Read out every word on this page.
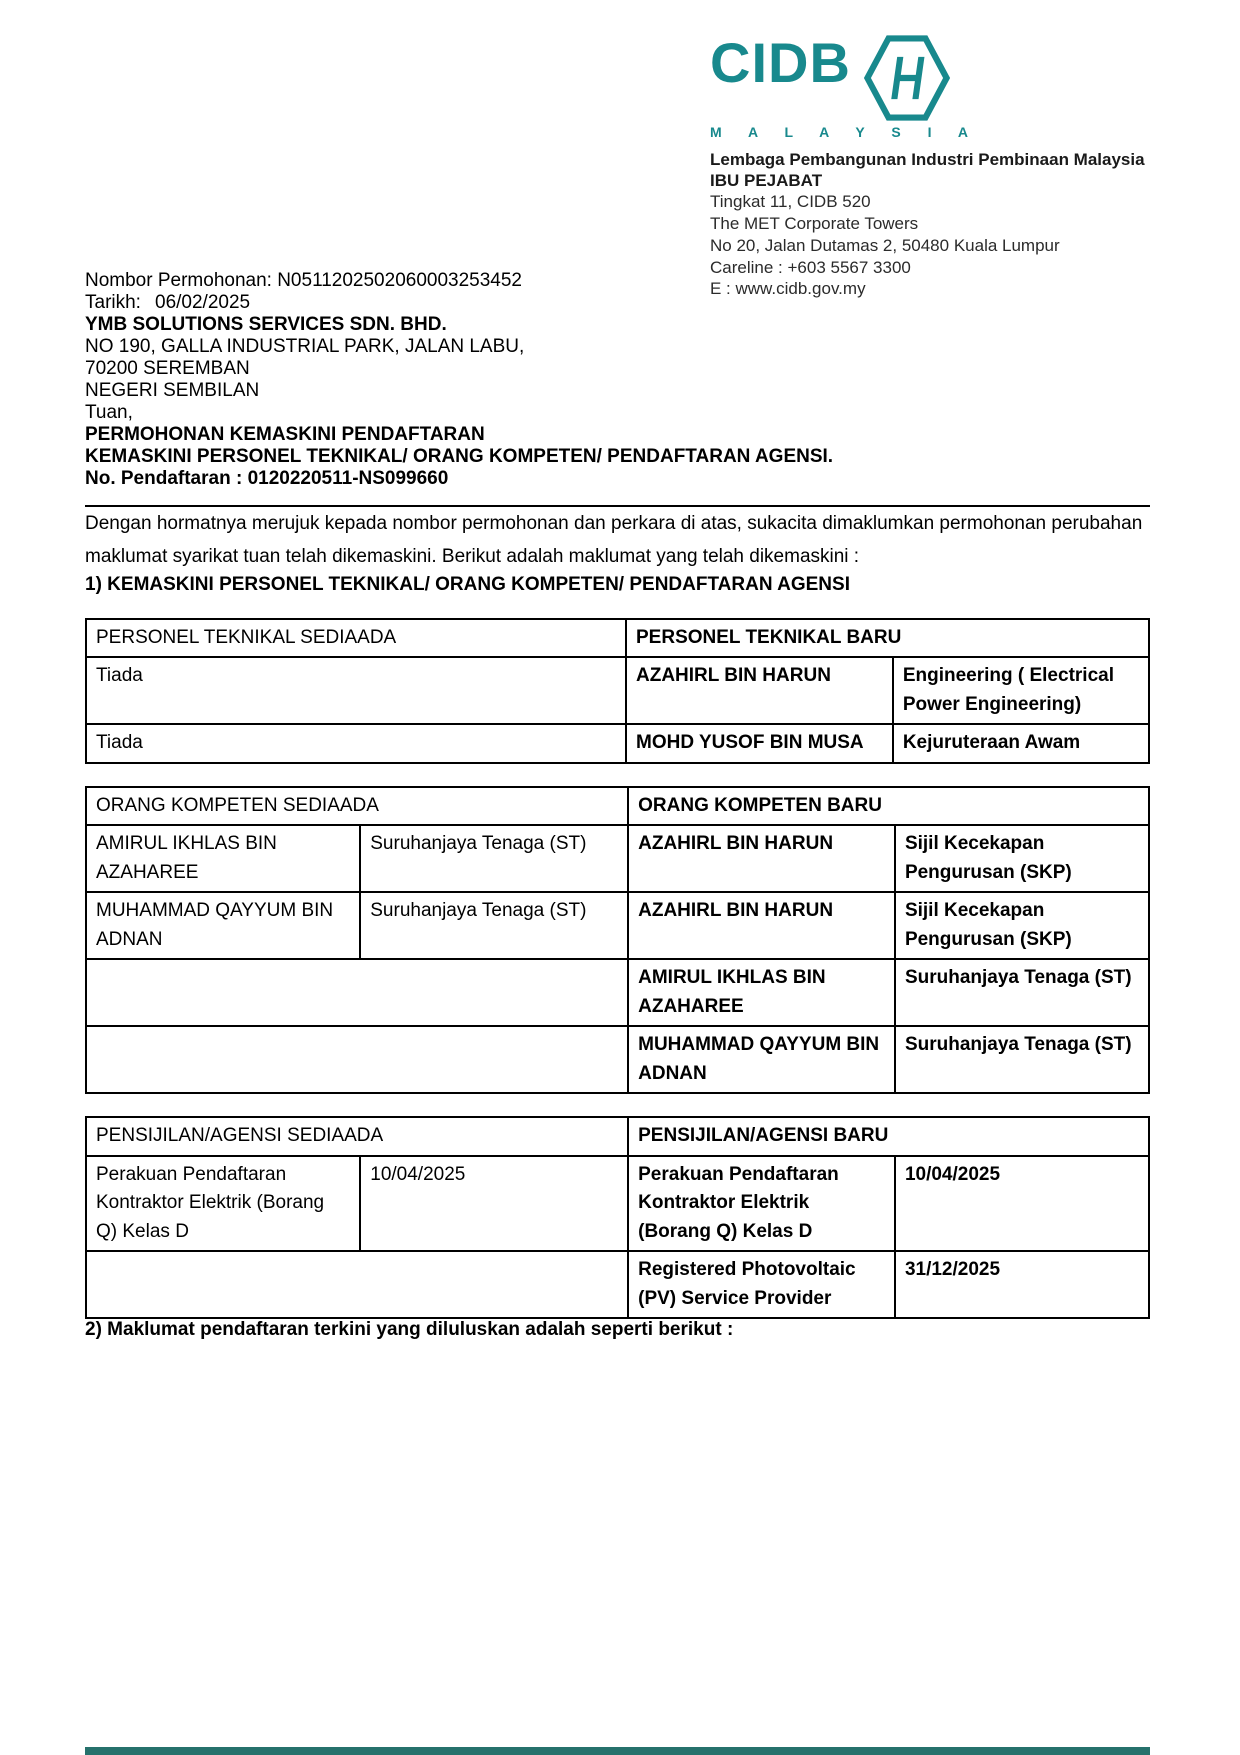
CIDB
M A L A Y S I A
Lembaga Pembangunan Industri Pembinaan Malaysia
IBU PEJABAT
Tingkat 11, CIDB 520
The MET Corporate Towers
No 20, Jalan Dutamas 2, 50480 Kuala Lumpur
Careline : +603 5567 3300
E : www.cidb.gov.my

Nombor Permohonan: N0511202502060003253452

Tarikh: 06/02/2025

YMB SOLUTIONS SERVICES SDN. BHD.

NO 190, GALLA INDUSTRIAL PARK, JALAN LABU,

70200 SEREMBAN

NEGERI SEMBILAN

Tuan,

PERMOHONAN KEMASKINI PENDAFTARAN

KEMASKINI PERSONEL TEKNIKAL/ ORANG KOMPETEN/ PENDAFTARAN AGENSI.

No. Pendaftaran : 0120220511-NS099660

Dengan hormatnya merujuk kepada nombor permohonan dan perkara di atas, sukacita dimaklumkan permohonan perubahan maklumat syarikat tuan telah dikemaskini. Berikut adalah maklumat yang telah dikemaskini :

1) KEMASKINI PERSONEL TEKNIKAL/ ORANG KOMPETEN/ PENDAFTARAN AGENSI

PERSONEL TEKNIKAL SEDIAADA	PERSONEL TEKNIKAL BARU	
Tiada	AZAHIRL BIN HARUN	Engineering ( Electrical Power Engineering)
Tiada	MOHD YUSOF BIN MUSA	Kejuruteraan Awam
ORANG KOMPETEN SEDIAADA		ORANG KOMPETEN BARU	
AMIRUL IKHLAS BIN AZAHAREE	Suruhanjaya Tenaga (ST)	AZAHIRL BIN HARUN	Sijil Kecekapan Pengurusan (SKP)
MUHAMMAD QAYYUM BIN ADNAN	Suruhanjaya Tenaga (ST)	AZAHIRL BIN HARUN	Sijil Kecekapan Pengurusan (SKP)
		AMIRUL IKHLAS BIN AZAHAREE	Suruhanjaya Tenaga (ST)
		MUHAMMAD QAYYUM BIN ADNAN	Suruhanjaya Tenaga (ST)
PENSIJILAN/AGENSI SEDIAADA		PENSIJILAN/AGENSI BARU	
Perakuan Pendaftaran Kontraktor Elektrik (Borang Q) Kelas D	10/04/2025	Perakuan Pendaftaran Kontraktor Elektrik (Borang Q) Kelas D	10/04/2025
		Registered Photovoltaic (PV) Service Provider	31/12/2025

2) Maklumat pendaftaran terkini yang diluluskan adalah seperti berikut :
